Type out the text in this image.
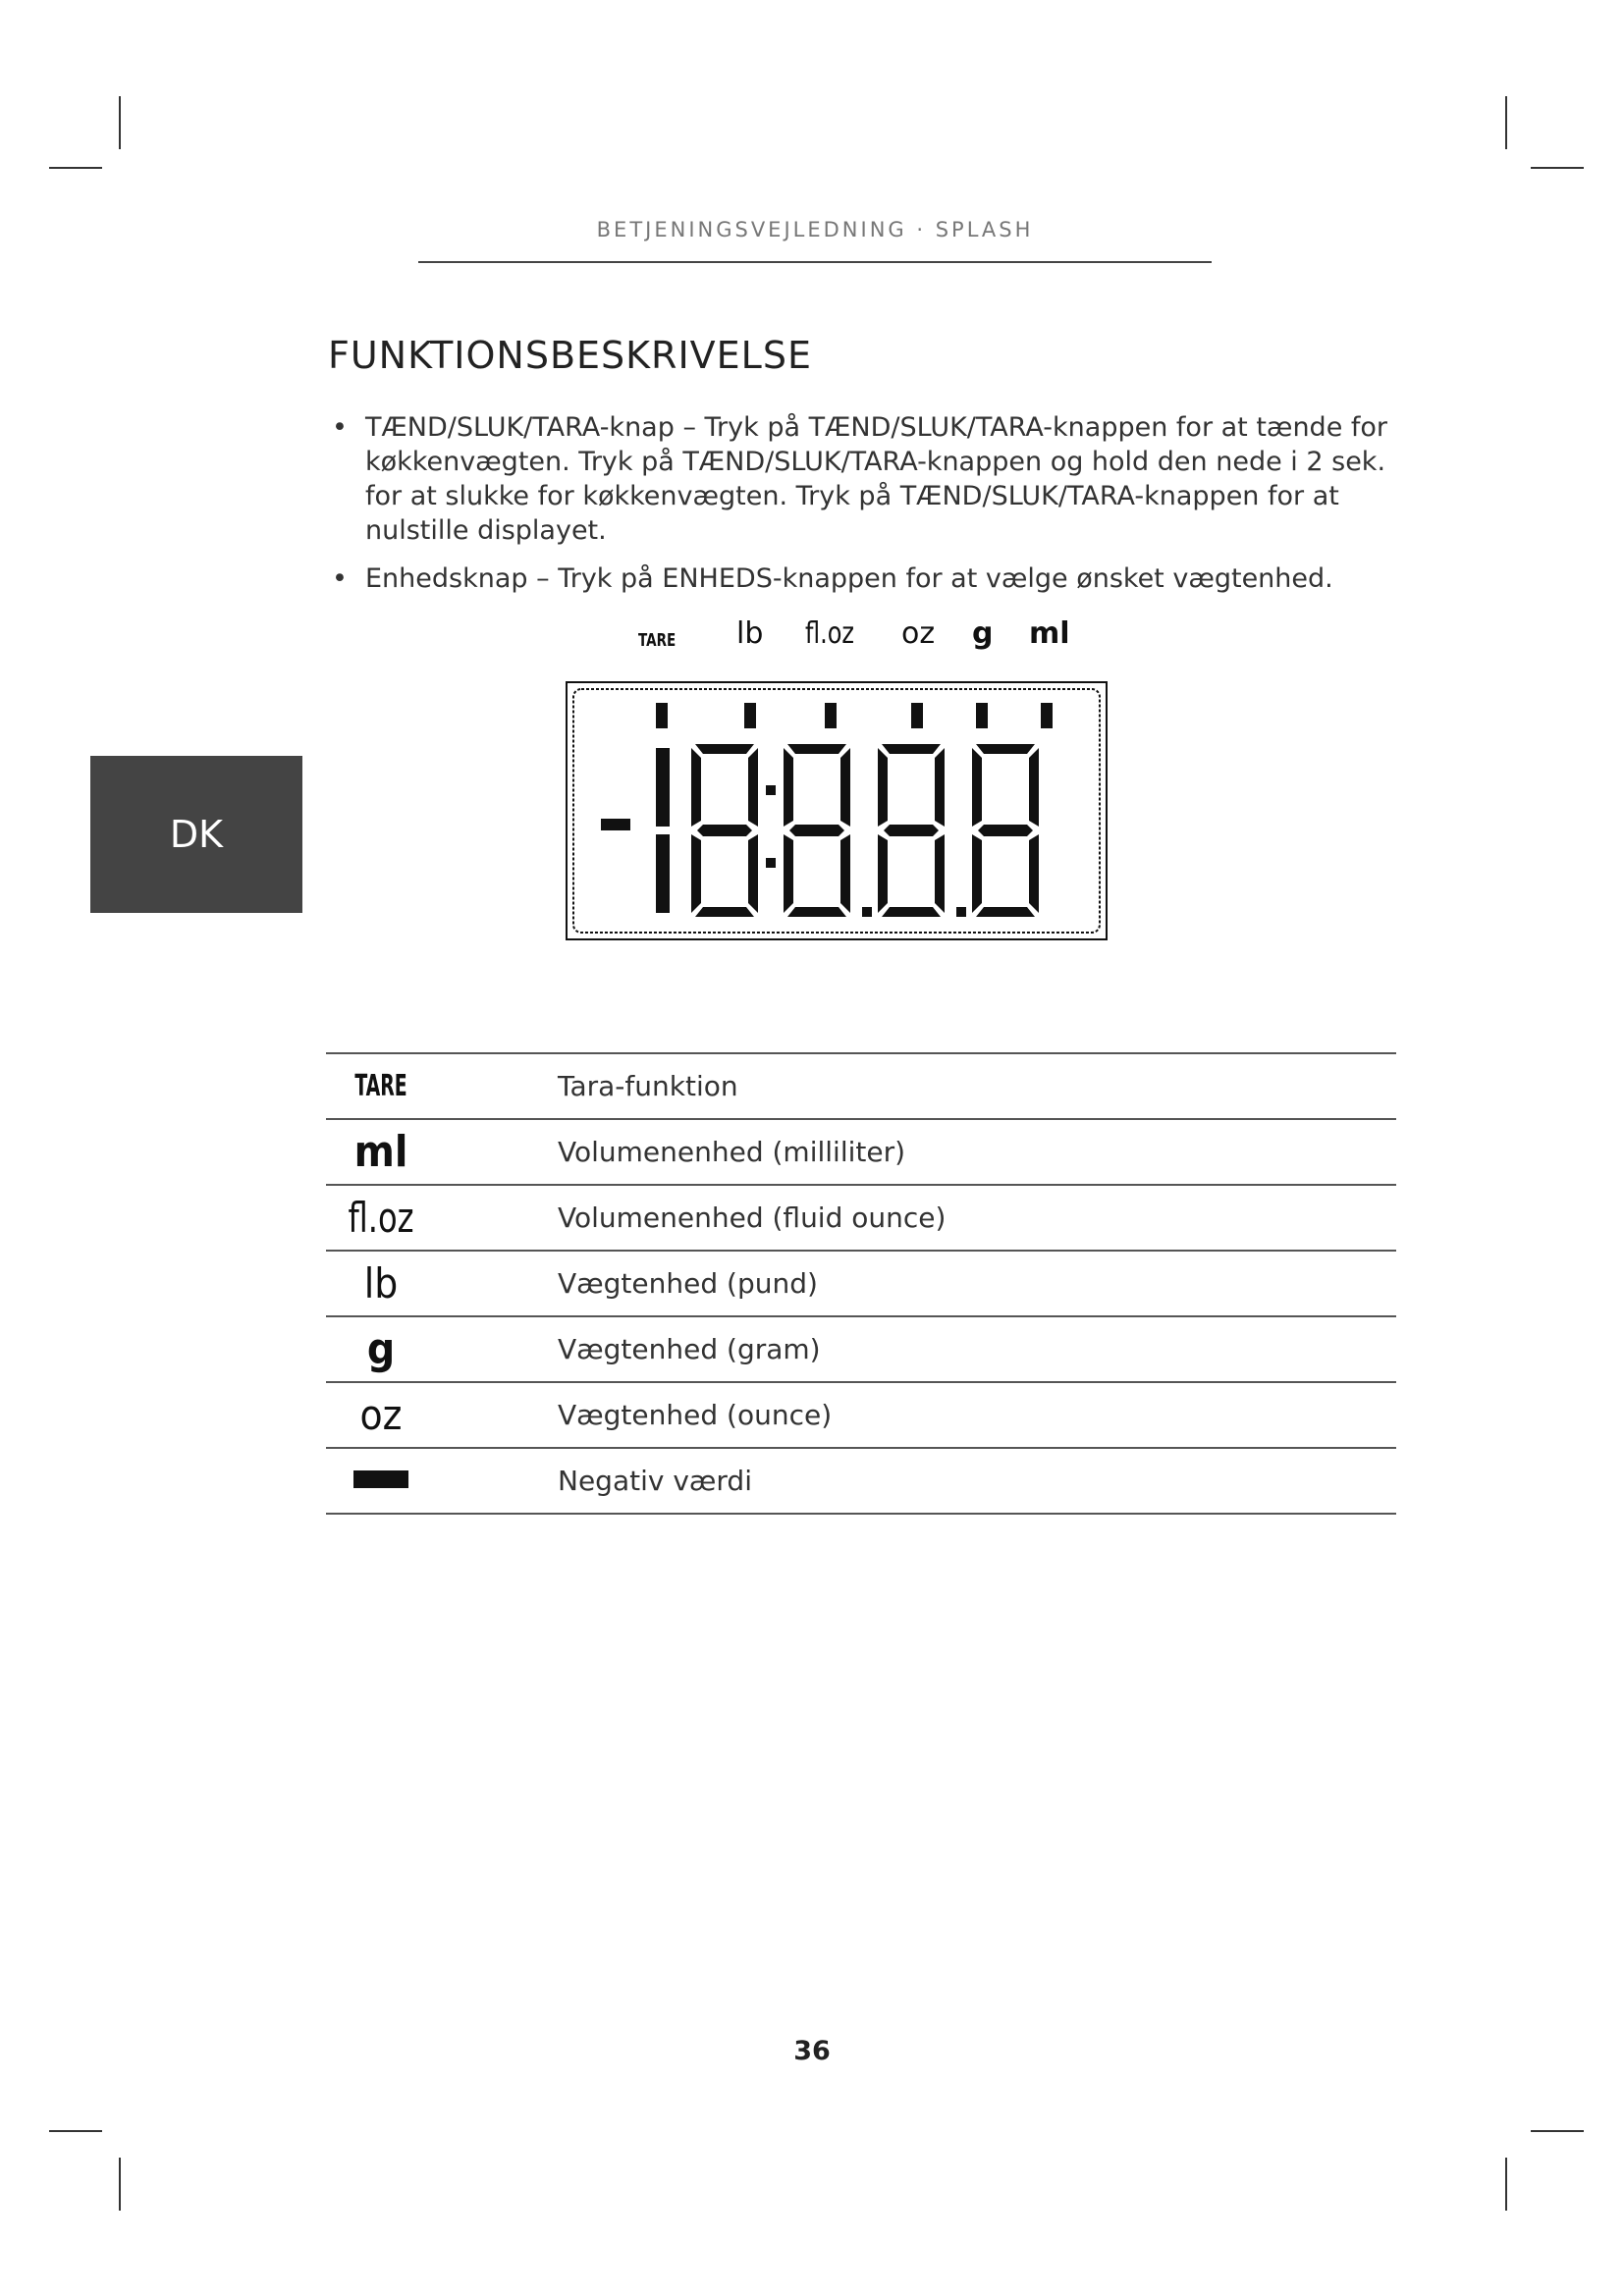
BETJENINGSVEJLEDNING · SPLASH
FUNKTIONSBESKRIVELSE
• TÆND/SLUK/TARA-knap – Tryk på TÆND/SLUK/TARA-knappen for at tænde for køkkenvægten. Tryk på TÆND/SLUK/TARA-knappen og hold den nede i 2 sek. for at slukke for køkkenvægten. Tryk på TÆND/SLUK/TARA-knappen for at nulstille displayet.
• Enhedsknap – Tryk på ENHEDS-knappen for at vælge ønsket vægtenhed.
DK
TARE lb fl.oz oz g ml
TARE	Tara-funktion
ml	Volumenenhed (milliliter)
fl.oz	Volumenenhed (fluid ounce)
lb	Vægtenhed (pund)
g	Vægtenhed (gram)
oz	Vægtenhed (ounce)
	Negativ værdi
36
